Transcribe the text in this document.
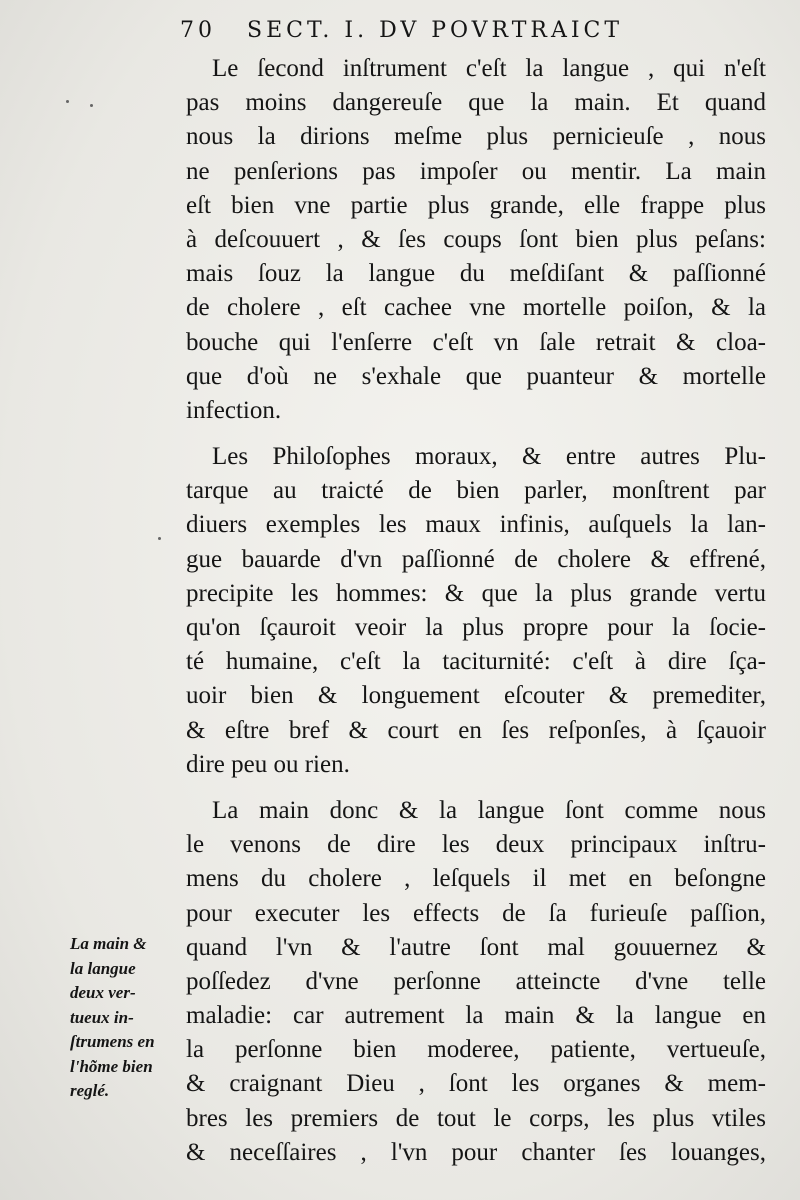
70 SECT. I. DV POVRTRAICT
Le ſecond inſtrument c'eſt la langue , qui n'eſt
pas moins dangereuſe que la main. Et quand
nous la dirions meſme plus pernicieuſe , nous
ne penſerions pas impoſer ou mentir. La main
eſt bien vne partie plus grande, elle frappe plus
à deſcouuert , & ſes coups ſont bien plus peſans:
mais ſouz la langue du meſdiſant & paſſionné
de cholere , eſt cachee vne mortelle poiſon, & la
bouche qui l'enſerre c'eſt vn ſale retrait & cloa-
que d'où ne s'exhale que puanteur & mortelle
infection.
Les Philoſophes moraux, & entre autres Plu-
tarque au traicté de bien parler, monſtrent par
diuers exemples les maux infinis, auſquels la lan-
gue bauarde d'vn paſſionné de cholere & effrené,
precipite les hommes: & que la plus grande vertu
qu'on ſçauroit veoir la plus propre pour la ſocie-
té humaine, c'eſt la taciturnité: c'eſt à dire ſça-
uoir bien & longuement eſcouter & premediter,
& eſtre bref & court en ſes reſponſes, à ſçauoir
dire peu ou rien.
La main donc & la langue ſont comme nous
le venons de dire les deux principaux inſtru-
mens du cholere , leſquels il met en beſongne
pour executer les effects de ſa furieuſe paſſion,
quand l'vn & l'autre ſont mal gouuernez &
poſſedez d'vne perſonne atteincte d'vne telle
maladie: car autrement la main & la langue en
la perſonne bien moderee, patiente, vertueuſe,
& craignant Dieu , ſont les organes & mem-
bres les premiers de tout le corps, les plus vtiles
& neceſſaires , l'vn pour chanter ſes louanges,
La main &
la langue
deux ver-
tueux in-
ſtrumens en
l'hõme bien
reglé.
